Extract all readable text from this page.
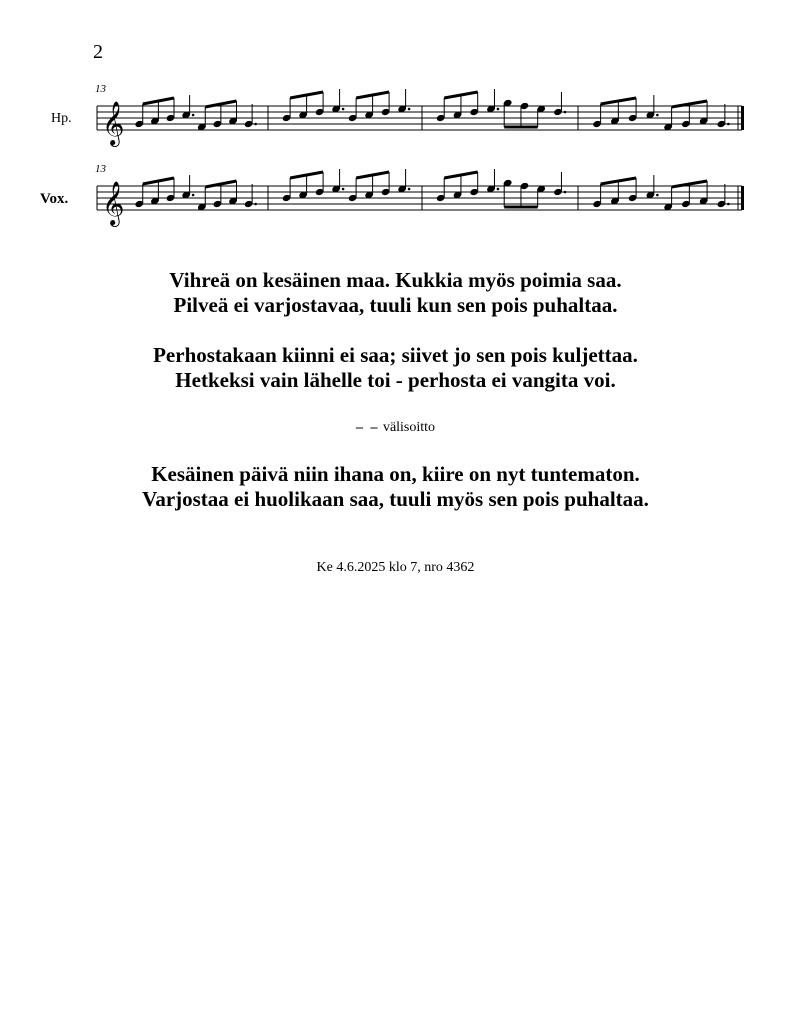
2
13
13
Hp.
Vox.
𝄞
𝄞
Vihreä on kesäinen maa. Kukkia myös poimia saa.
Pilveä ei varjostavaa, tuuli kun sen pois puhaltaa.
Perhostakaan kiinni ei saa; siivet jo sen pois kuljettaa.
Hetkeksi vain lähelle toi - perhosta ei vangita voi.
– – välisoitto
Kesäinen päivä niin ihana on, kiire on nyt tuntematon.
Varjostaa ei huolikaan saa, tuuli myös sen pois puhaltaa.
Ke 4.6.2025 klo 7, nro 4362
